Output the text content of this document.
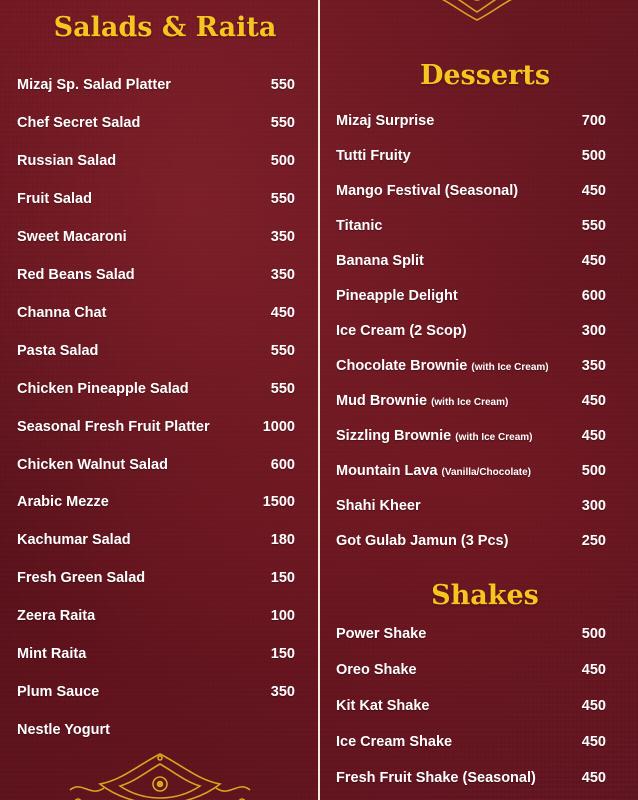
Salads & Raita
Mizaj Sp. Salad Platter	550
Chef Secret Salad	550
Russian Salad	500
Fruit Salad	550
Sweet Macaroni	350
Red Beans Salad	350
Channa Chat	450
Pasta Salad	550
Chicken Pineapple Salad	550
Seasonal Fresh Fruit Platter	1000
Chicken Walnut Salad	600
Arabic Mezze	1500
Kachumar Salad	180
Fresh Green Salad	150
Zeera Raita	100
Mint Raita	150
Plum Sauce	350
Nestle Yogurt
Desserts
Mizaj Surprise	700
Tutti Fruity	500
Mango Festival (Seasonal)	450
Titanic	550
Banana Split	450
Pineapple Delight	600
Ice Cream (2 Scop)	300
Chocolate Brownie (with Ice Cream) 350
Mud Brownie (with Ice Cream)	450
Sizzling Brownie (with Ice Cream)	450
Mountain Lava (Vanilla/Chocolate)	500
Shahi Kheer	300
Got Gulab Jamun (3 Pcs)	250
Shakes
Power Shake	500
Oreo Shake	450
Kit Kat Shake	450
Ice Cream Shake	450
Fresh Fruit Shake (Seasonal)	450
